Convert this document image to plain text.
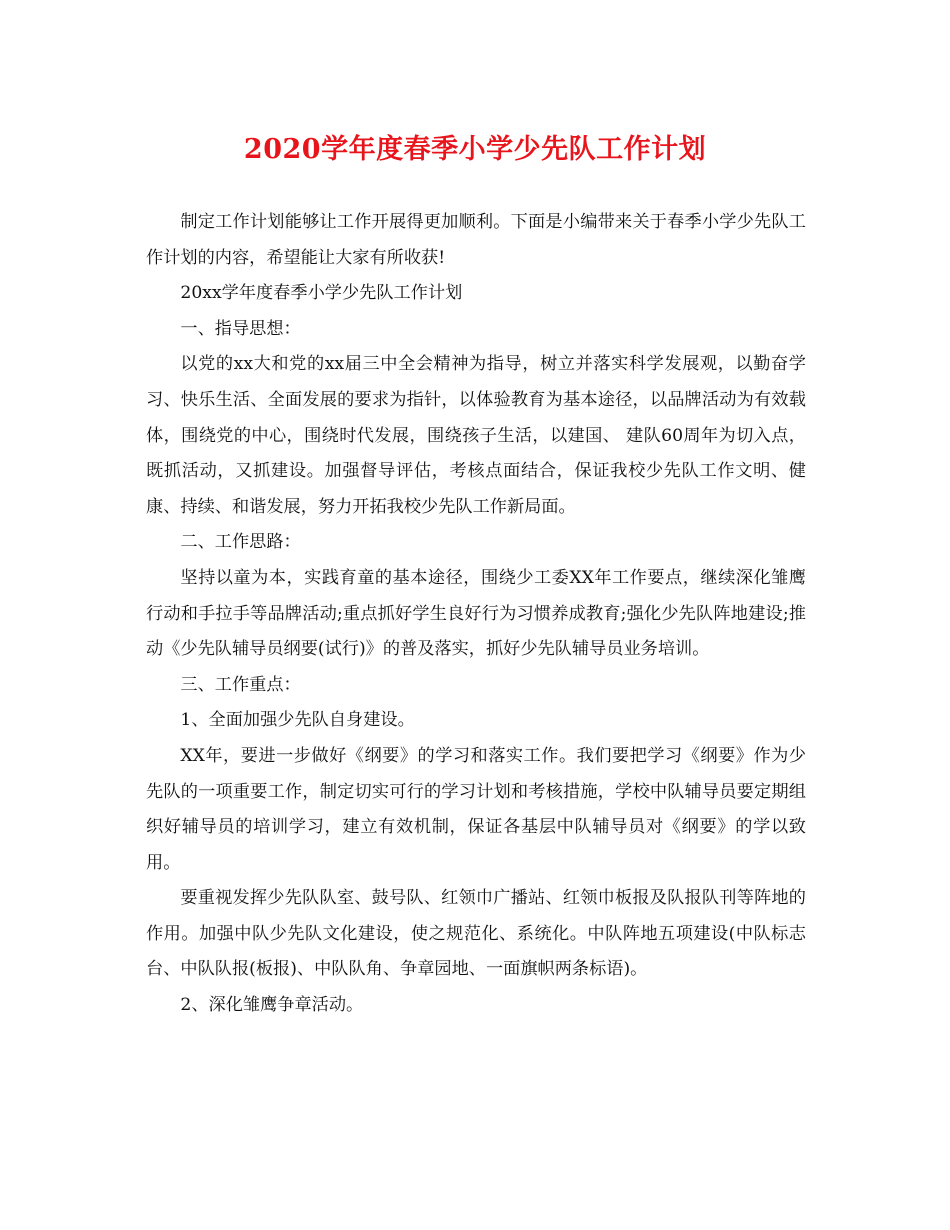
2020学年度春季小学少先队工作计划

制定工作计划能够让工作开展得更加顺利。下面是小编带来关于春季小学少先队工作计划的内容，希望能让大家有所收获!

20xx学年度春季小学少先队工作计划

一、指导思想：

以党的xx大和党的xx届三中全会精神为指导，树立并落实科学发展观，以勤奋学习、快乐生活、全面发展的要求为指针，以体验教育为基本途径，以品牌活动为有效载体，围绕党的中心，围绕时代发展，围绕孩子生活，以建国、 建队60周年为切入点，既抓活动，又抓建设。加强督导评估，考核点面结合，保证我校少先队工作文明、健康、持续、和谐发展，努力开拓我校少先队工作新局面。

二、工作思路：

坚持以童为本，实践育童的基本途径，围绕少工委XX年工作要点，继续深化雏鹰行动和手拉手等品牌活动;重点抓好学生良好行为习惯养成教育;强化少先队阵地建设;推动《少先队辅导员纲要(试行)》的普及落实，抓好少先队辅导员业务培训。

三、工作重点：

1、全面加强少先队自身建设。

XX年，要进一步做好《纲要》的学习和落实工作。我们要把学习《纲要》作为少先队的一项重要工作，制定切实可行的学习计划和考核措施，学校中队辅导员要定期组织好辅导员的培训学习，建立有效机制，保证各基层中队辅导员对《纲要》的学以致用。

要重视发挥少先队队室、鼓号队、红领巾广播站、红领巾板报及队报队刊等阵地的作用。加强中队少先队文化建设，使之规范化、系统化。中队阵地五项建设(中队标志台、中队队报(板报)、中队队角、争章园地、一面旗帜两条标语)。

2、深化雏鹰争章活动。
